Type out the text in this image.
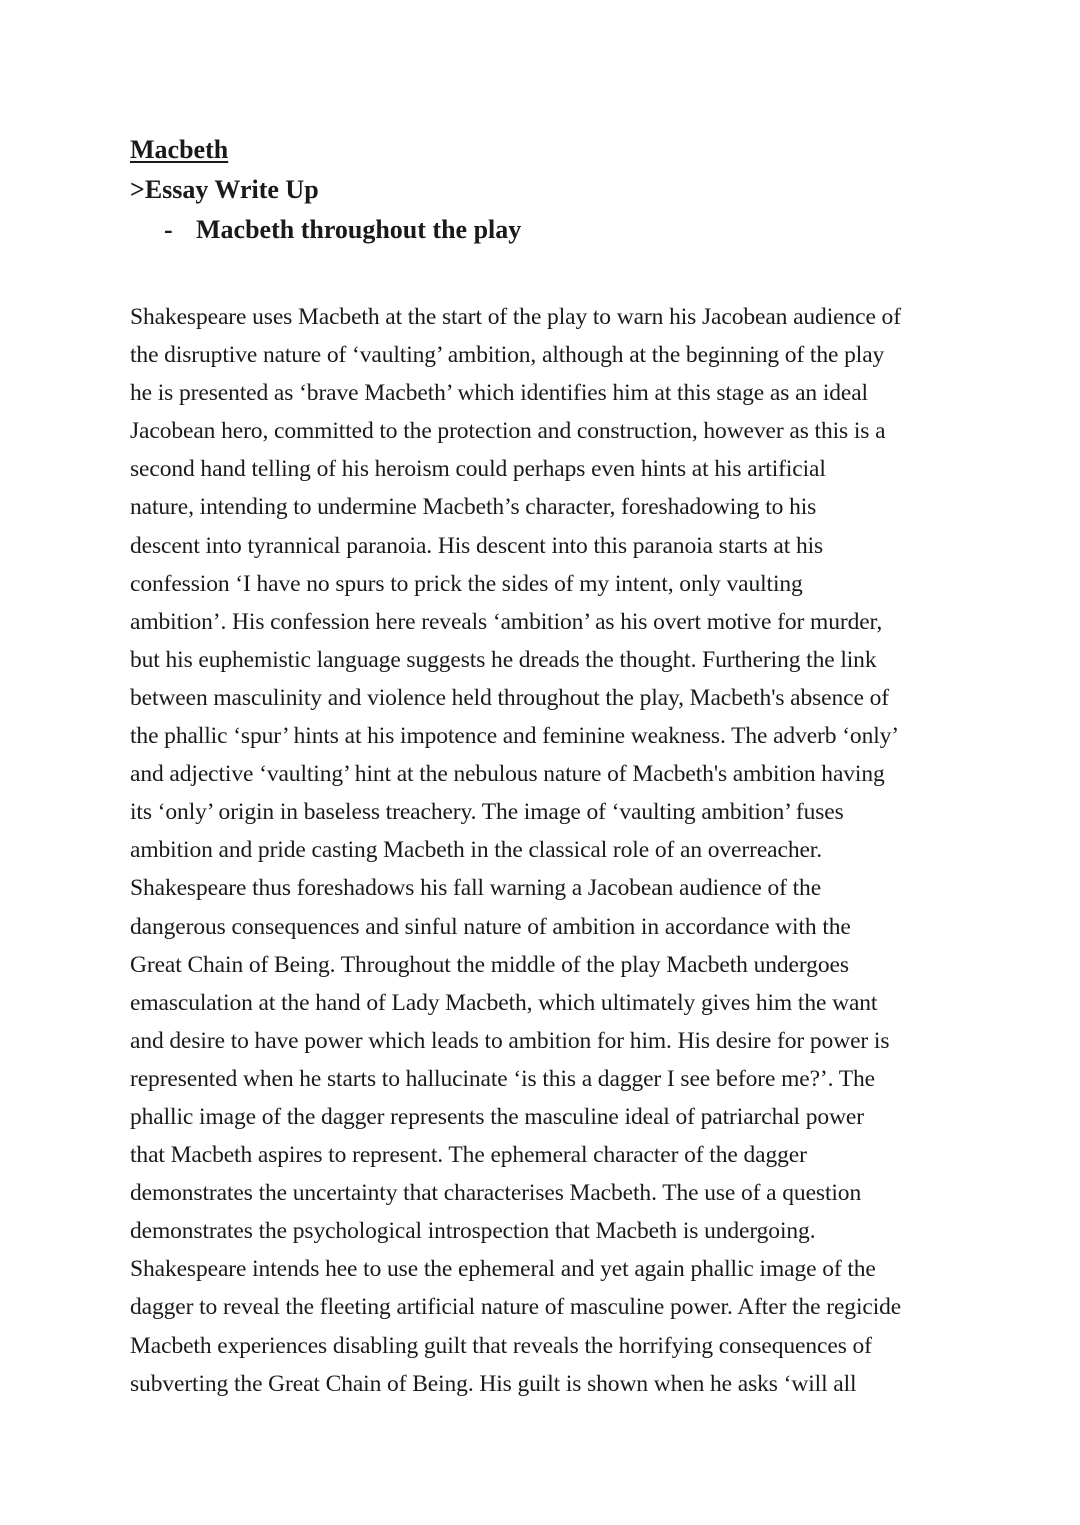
Macbeth
>Essay Write Up
- Macbeth throughout the play
Shakespeare uses Macbeth at the start of the play to warn his Jacobean audience of
the disruptive nature of ‘vaulting’ ambition, although at the beginning of the play
he is presented as ‘brave Macbeth’ which identifies him at this stage as an ideal
Jacobean hero, committed to the protection and construction, however as this is a
second hand telling of his heroism could perhaps even hints at his artificial
nature, intending to undermine Macbeth’s character, foreshadowing to his
descent into tyrannical paranoia. His descent into this paranoia starts at his
confession ‘I have no spurs to prick the sides of my intent, only vaulting
ambition’. His confession here reveals ‘ambition’ as his overt motive for murder,
but his euphemistic language suggests he dreads the thought. Furthering the link
between masculinity and violence held throughout the play, Macbeth's absence of
the phallic ‘spur’ hints at his impotence and feminine weakness. The adverb ‘only’
and adjective ‘vaulting’ hint at the nebulous nature of Macbeth's ambition having
its ‘only’ origin in baseless treachery. The image of ‘vaulting ambition’ fuses
ambition and pride casting Macbeth in the classical role of an overreacher.
Shakespeare thus foreshadows his fall warning a Jacobean audience of the
dangerous consequences and sinful nature of ambition in accordance with the
Great Chain of Being. Throughout the middle of the play Macbeth undergoes
emasculation at the hand of Lady Macbeth, which ultimately gives him the want
and desire to have power which leads to ambition for him. His desire for power is
represented when he starts to hallucinate ‘is this a dagger I see before me?’. The
phallic image of the dagger represents the masculine ideal of patriarchal power
that Macbeth aspires to represent. The ephemeral character of the dagger
demonstrates the uncertainty that characterises Macbeth. The use of a question
demonstrates the psychological introspection that Macbeth is undergoing.
Shakespeare intends hee to use the ephemeral and yet again phallic image of the
dagger to reveal the fleeting artificial nature of masculine power. After the regicide
Macbeth experiences disabling guilt that reveals the horrifying consequences of
subverting the Great Chain of Being. His guilt is shown when he asks ‘will all
